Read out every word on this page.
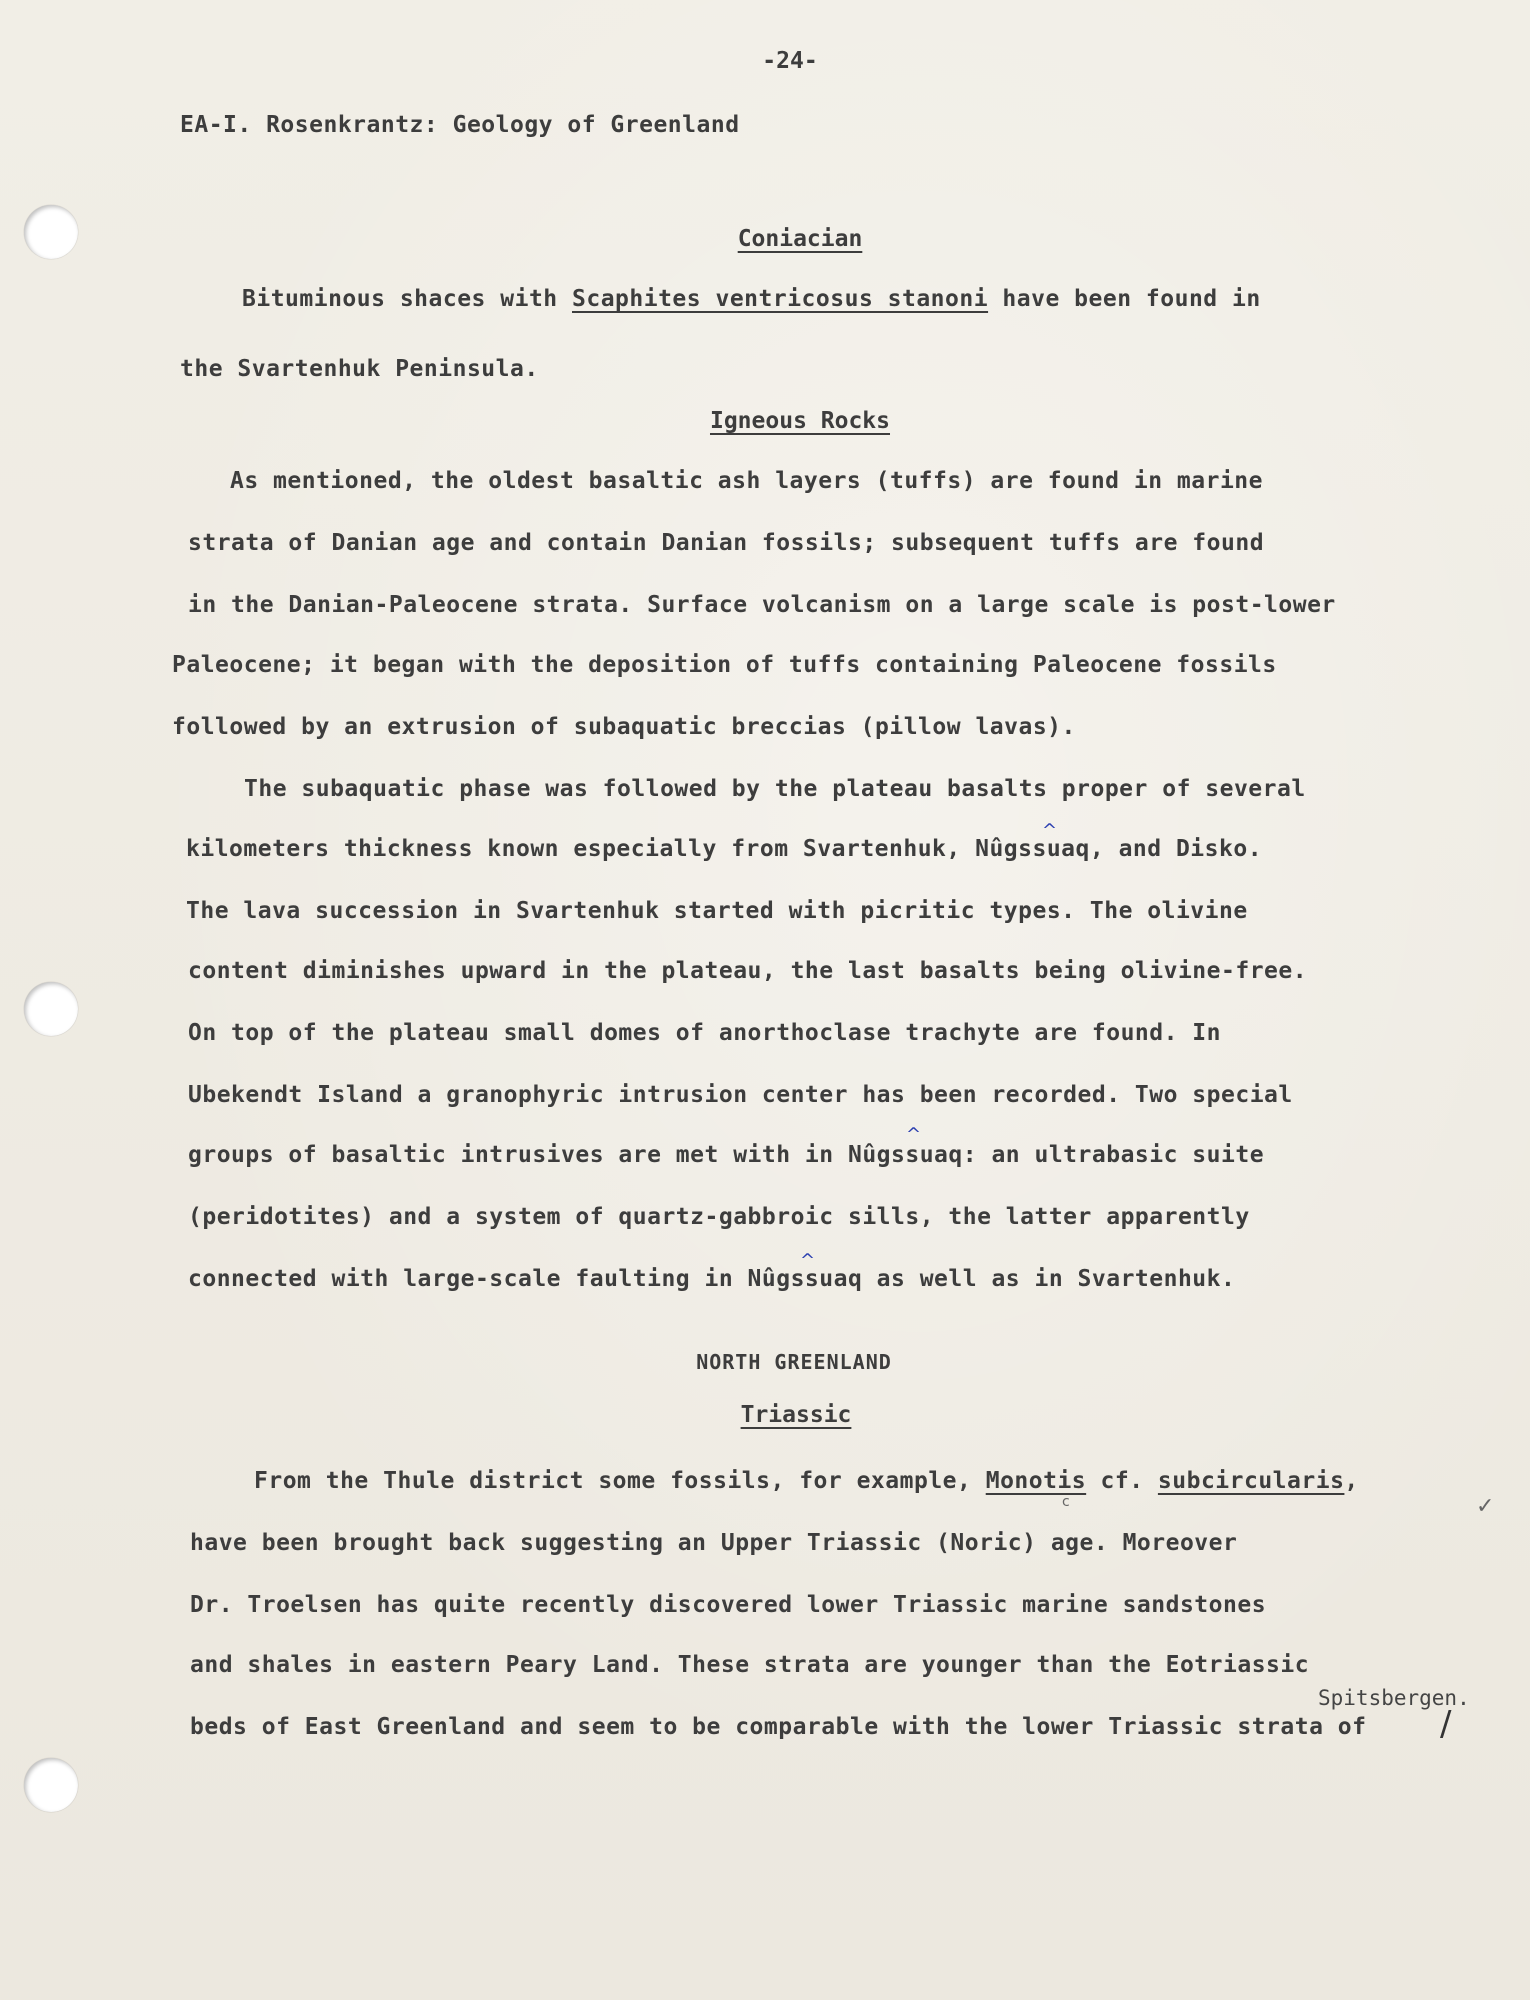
-24-
EA-I. Rosenkrantz: Geology of Greenland
Coniacian
Bituminous shaces with Scaphites ventricosus stanoni have been found in
the Svartenhuk Peninsula.
Igneous Rocks
As mentioned, the oldest basaltic ash layers (tuffs) are found in marine
strata of Danian age and contain Danian fossils; subsequent tuffs are found
in the Danian-Paleocene strata. Surface volcanism on a large scale is post-lower
Paleocene; it began with the deposition of tuffs containing Paleocene fossils
followed by an extrusion of subaquatic breccias (pillow lavas).
The subaquatic phase was followed by the plateau basalts proper of several
kilometers thickness known especially from Svartenhuk, Nûgssuaq, and Disko.
The lava succession in Svartenhuk started with picritic types. The olivine
content diminishes upward in the plateau, the last basalts being olivine-free.
On top of the plateau small domes of anorthoclase trachyte are found. In
Ubekendt Island a granophyric intrusion center has been recorded. Two special
groups of basaltic intrusives are met with in Nûgssuaq: an ultrabasic suite
(peridotites) and a system of quartz-gabbroic sills, the latter apparently
connected with large-scale faulting in Nûgssuaq as well as in Svartenhuk.
^
^
^
NORTH GREENLAND
Triassic
From the Thule district some fossils, for example, Monotis cf. subcircularis,
have been brought back suggesting an Upper Triassic (Noric) age. Moreover
Dr. Troelsen has quite recently discovered lower Triassic marine sandstones
and shales in eastern Peary Land. These strata are younger than the Eotriassic
beds of East Greenland and seem to be comparable with the lower Triassic strata of
Spitsbergen.
/
✓
c
